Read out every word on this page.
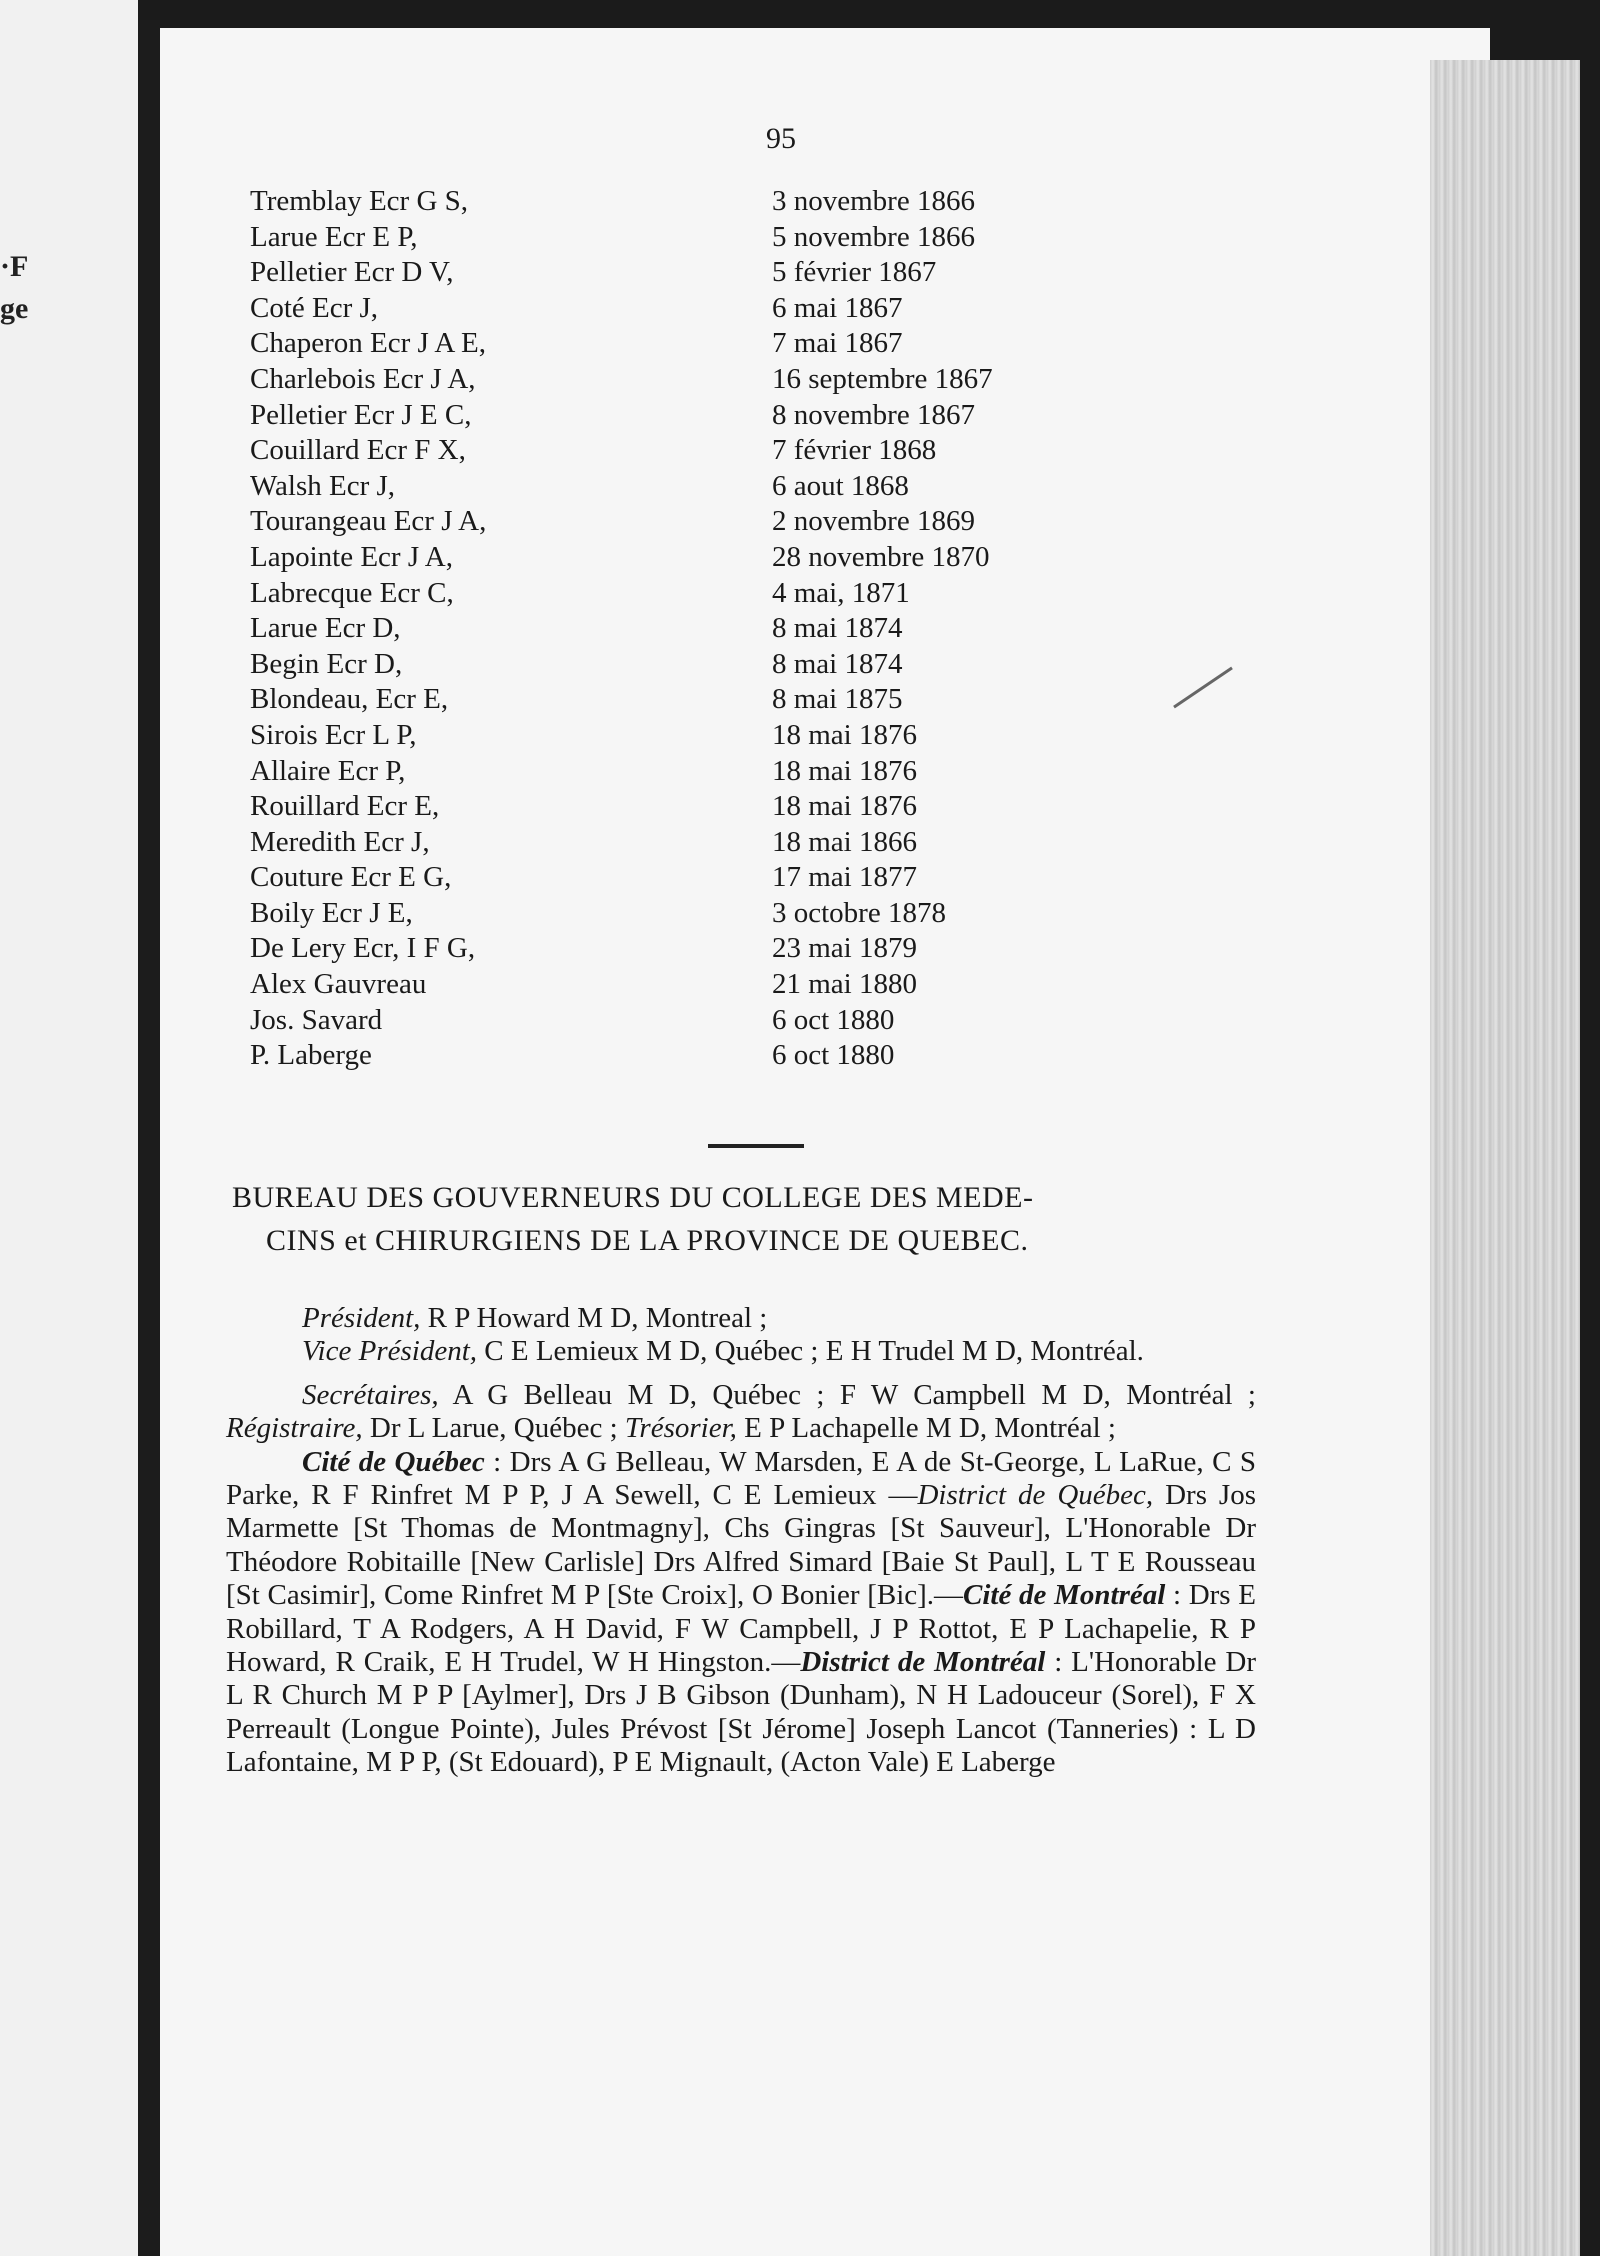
·F
ge
95
Tremblay Ecr G S,	3 novembre 1866
Larue Ecr E P,	5 novembre 1866
Pelletier Ecr D V,	5 février 1867
Coté Ecr J,	6 mai 1867
Chaperon Ecr J A E,	7 mai 1867
Charlebois Ecr J A,	16 septembre 1867
Pelletier Ecr J E C,	8 novembre 1867
Couillard Ecr F X,	7 février 1868
Walsh Ecr J,	6 aout 1868
Tourangeau Ecr J A,	2 novembre 1869
Lapointe Ecr J A,	28 novembre 1870
Labrecque Ecr C,	4 mai, 1871
Larue Ecr D,	8 mai 1874
Begin Ecr D,	8 mai 1874
Blondeau, Ecr E,	8 mai 1875
Sirois Ecr L P,	18 mai 1876
Allaire Ecr P,	18 mai 1876
Rouillard Ecr E,	18 mai 1876
Meredith Ecr J,	18 mai 1866
Couture Ecr E G,	17 mai 1877
Boily Ecr J E,	3 octobre 1878
De Lery Ecr, I F G,	23 mai 1879
Alex Gauvreau	21 mai 1880
Jos. Savard	6 oct 1880
P. Laberge	6 oct 1880
BUREAU DES GOUVERNEURS DU COLLEGE DES MEDE-
CINS et CHIRURGIENS DE LA PROVINCE DE QUEBEC.

Président, R P Howard M D, Montreal ;

Vice Président, C E Lemieux M D, Québec ; E H Trudel M D, Montréal.

Secrétaires, A G Belleau M D, Québec ; F W Campbell M D, Montréal ; Régistraire, Dr L Larue, Québec ; Trésorier, E P Lachapelle M D, Montréal ;

Cité de Québec : Drs A G Belleau, W Marsden, E A de St-George, L LaRue, C S Parke, R F Rinfret M P P, J A Sewell, C E Lemieux —District de Québec, Drs Jos Marmette [St Thomas de Montmagny], Chs Gingras [St Sauveur], L'Honorable Dr Théodore Robitaille [New Carlisle] Drs Alfred Simard [Baie St Paul], L T E Rousseau [St Casimir], Come Rinfret M P [Ste Croix], O Bonier [Bic].—Cité de Montréal : Drs E Robillard, T A Rodgers, A H David, F W Campbell, J P Rottot, E P Lachapelie, R P Howard, R Craik, E H Trudel, W H Hingston.—District de Montréal : L'Honorable Dr L R Church M P P [Aylmer], Drs J B Gibson (Dunham), N H Ladouceur (Sorel), F X Perreault (Longue Pointe), Jules Prévost [St Jérome] Joseph Lancot (Tanneries) : L D Lafontaine, M P P, (St Edouard), P E Mignault, (Acton Vale) E Laberge
